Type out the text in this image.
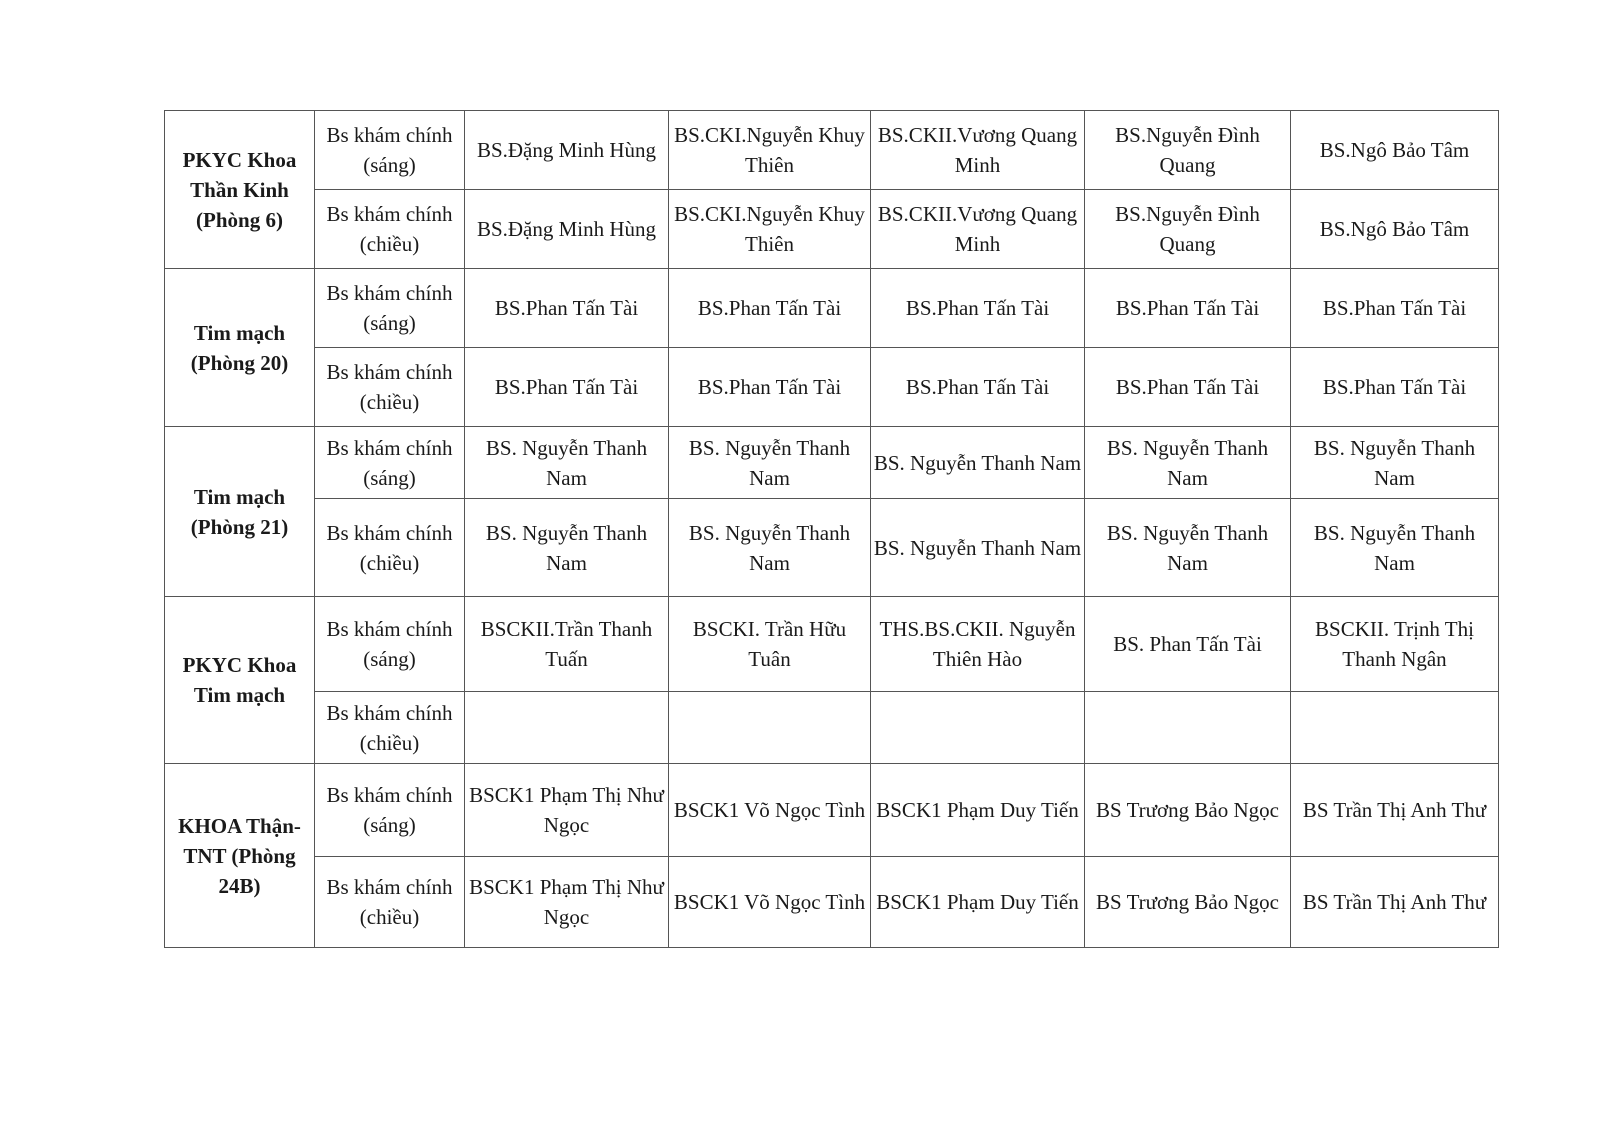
PKYC Khoa Thần Kinh (Phòng 6)	Bs khám chính (sáng)	BS.Đặng Minh Hùng	BS.CKI.Nguyễn Khuy Thiên	BS.CKII.Vương Quang Minh	BS.Nguyễn Đình Quang	BS.Ngô Bảo Tâm
	Bs khám chính (chiều)	BS.Đặng Minh Hùng	BS.CKI.Nguyễn Khuy Thiên	BS.CKII.Vương Quang Minh	BS.Nguyễn Đình Quang	BS.Ngô Bảo Tâm
Tim mạch (Phòng 20)	Bs khám chính (sáng)	BS.Phan Tấn Tài	BS.Phan Tấn Tài	BS.Phan Tấn Tài	BS.Phan Tấn Tài	BS.Phan Tấn Tài
	Bs khám chính (chiều)	BS.Phan Tấn Tài	BS.Phan Tấn Tài	BS.Phan Tấn Tài	BS.Phan Tấn Tài	BS.Phan Tấn Tài
Tim mạch (Phòng 21)	Bs khám chính (sáng)	BS. Nguyễn Thanh Nam	BS. Nguyễn Thanh Nam	BS. Nguyễn Thanh Nam	BS. Nguyễn Thanh Nam	BS. Nguyễn Thanh Nam
	Bs khám chính (chiều)	BS. Nguyễn Thanh Nam	BS. Nguyễn Thanh Nam	BS. Nguyễn Thanh Nam	BS. Nguyễn Thanh Nam	BS. Nguyễn Thanh Nam
PKYC Khoa Tim mạch	Bs khám chính (sáng)	BSCKII.Trần Thanh Tuấn	BSCKI. Trần Hữu Tuân	THS.BS.CKII. Nguyễn Thiên Hào	BS. Phan Tấn Tài	BSCKII. Trịnh Thị Thanh Ngân
	Bs khám chính (chiều)					
KHOA Thận-TNT (Phòng 24B)	Bs khám chính (sáng)	BSCK1 Phạm Thị Như Ngọc	BSCK1 Võ Ngọc Tình	BSCK1 Phạm Duy Tiến	BS Trương Bảo Ngọc	BS Trần Thị Anh Thư
	Bs khám chính (chiều)	BSCK1 Phạm Thị Như Ngọc	BSCK1 Võ Ngọc Tình	BSCK1 Phạm Duy Tiến	BS Trương Bảo Ngọc	BS Trần Thị Anh Thư
